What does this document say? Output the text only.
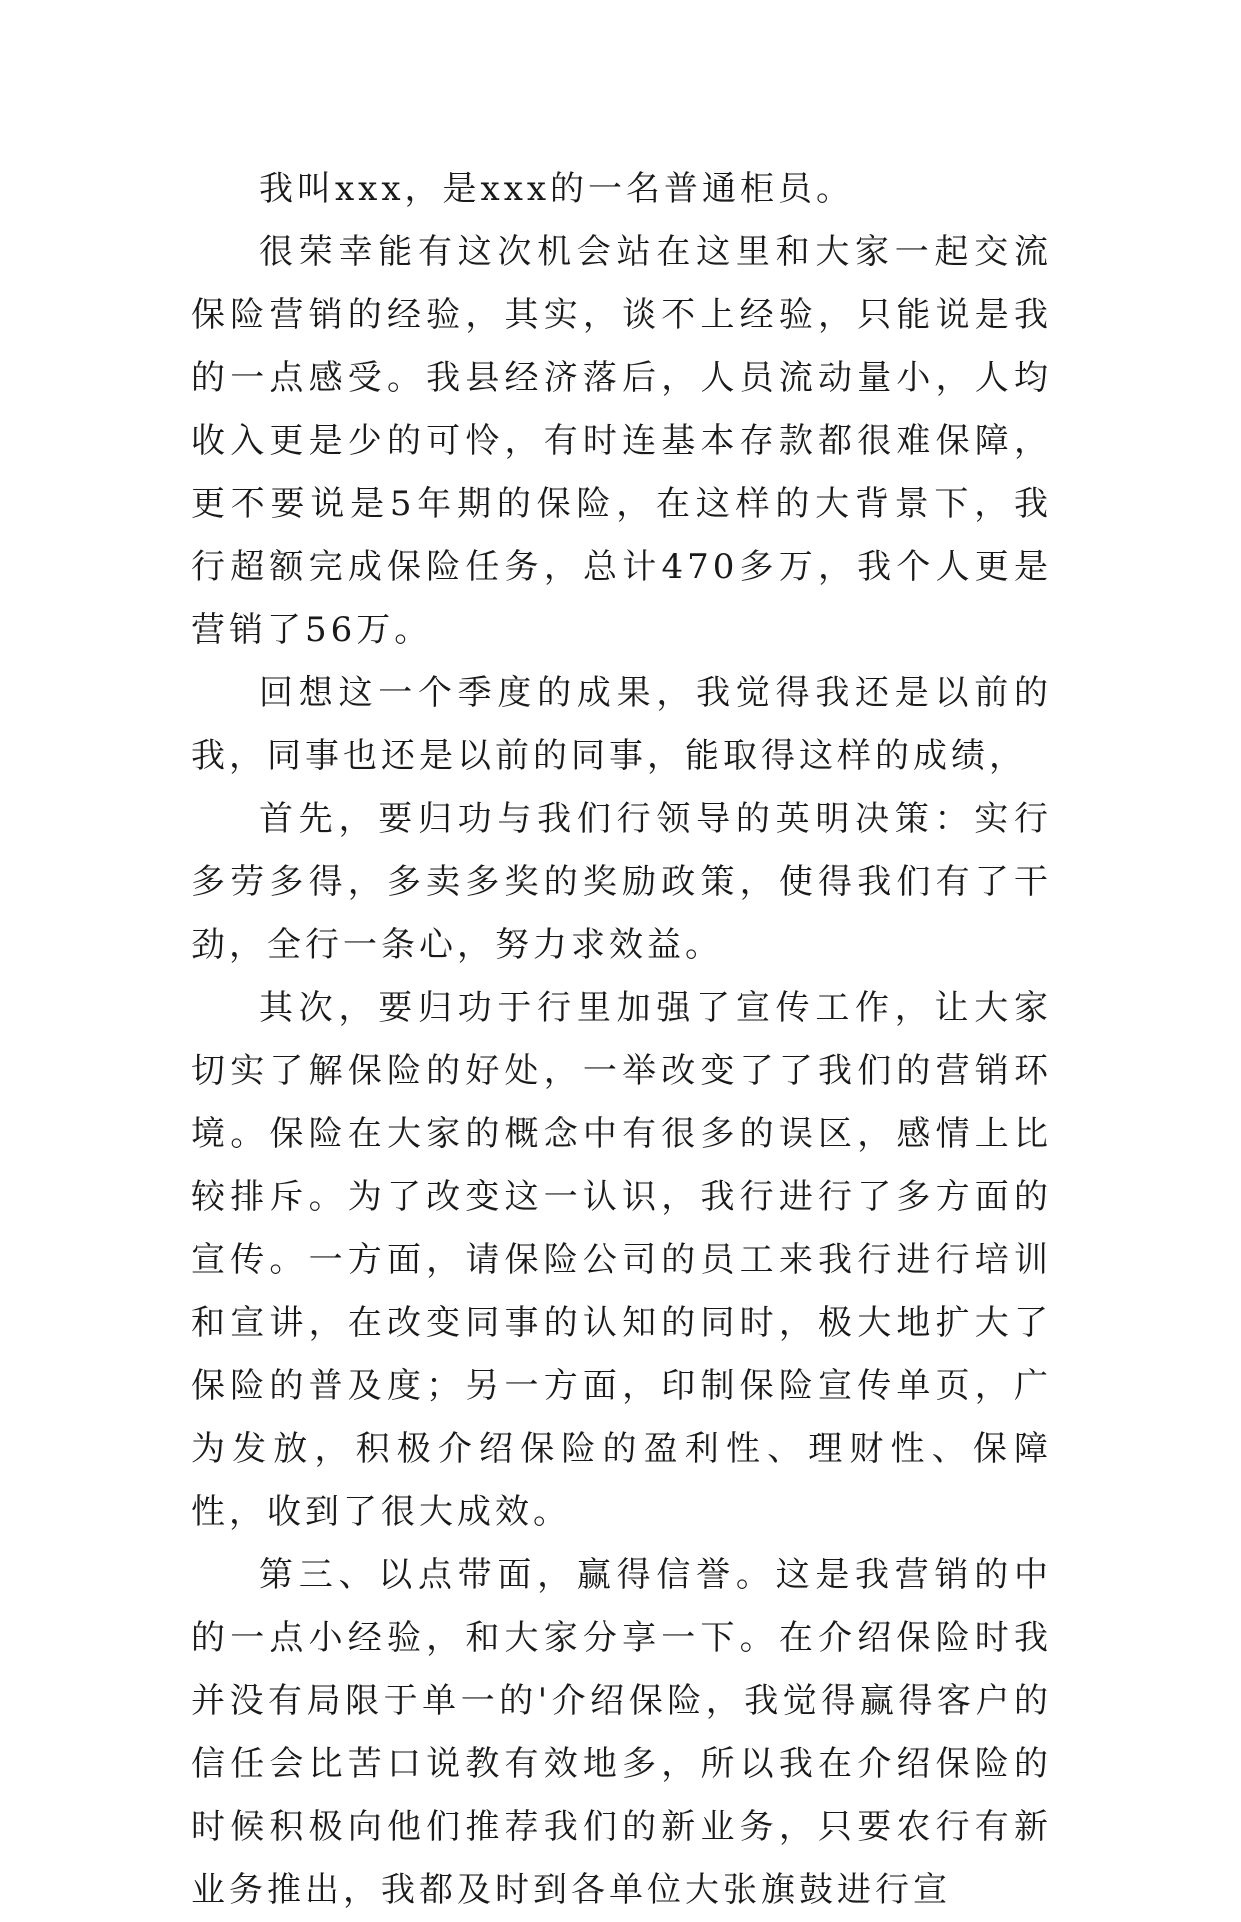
我叫xxx，是xxx的一名普通柜员。

很荣幸能有这次机会站在这里和大家一起交流保险营销的经验，其实，谈不上经验，只能说是我的一点感受。我县经济落后，人员流动量小，人均收入更是少的可怜，有时连基本存款都很难保障，更不要说是5年期的保险，在这样的大背景下，我行超额完成保险任务，总计470多万，我个人更是营销了56万。

回想这一个季度的成果，我觉得我还是以前的我，同事也还是以前的同事，能取得这样的成绩，

首先，要归功与我们行领导的英明决策：实行多劳多得，多卖多奖的奖励政策，使得我们有了干劲，全行一条心，努力求效益。

其次，要归功于行里加强了宣传工作，让大家切实了解保险的好处，一举改变了了我们的营销环境。保险在大家的概念中有很多的误区，感情上比较排斥。为了改变这一认识，我行进行了多方面的宣传。一方面，请保险公司的员工来我行进行培训和宣讲，在改变同事的认知的同时，极大地扩大了保险的普及度；另一方面，印制保险宣传单页，广为发放，积极介绍保险的盈利性、理财性、保障性，收到了很大成效。

第三、以点带面，赢得信誉。这是我营销的中的一点小经验，和大家分享一下。在介绍保险时我并没有局限于单一的'介绍保险，我觉得赢得客户的信任会比苦口说教有效地多，所以我在介绍保险的时候积极向他们推荐我们的新业务，只要农行有新业务推出，我都及时到各单位大张旗鼓进行宣
